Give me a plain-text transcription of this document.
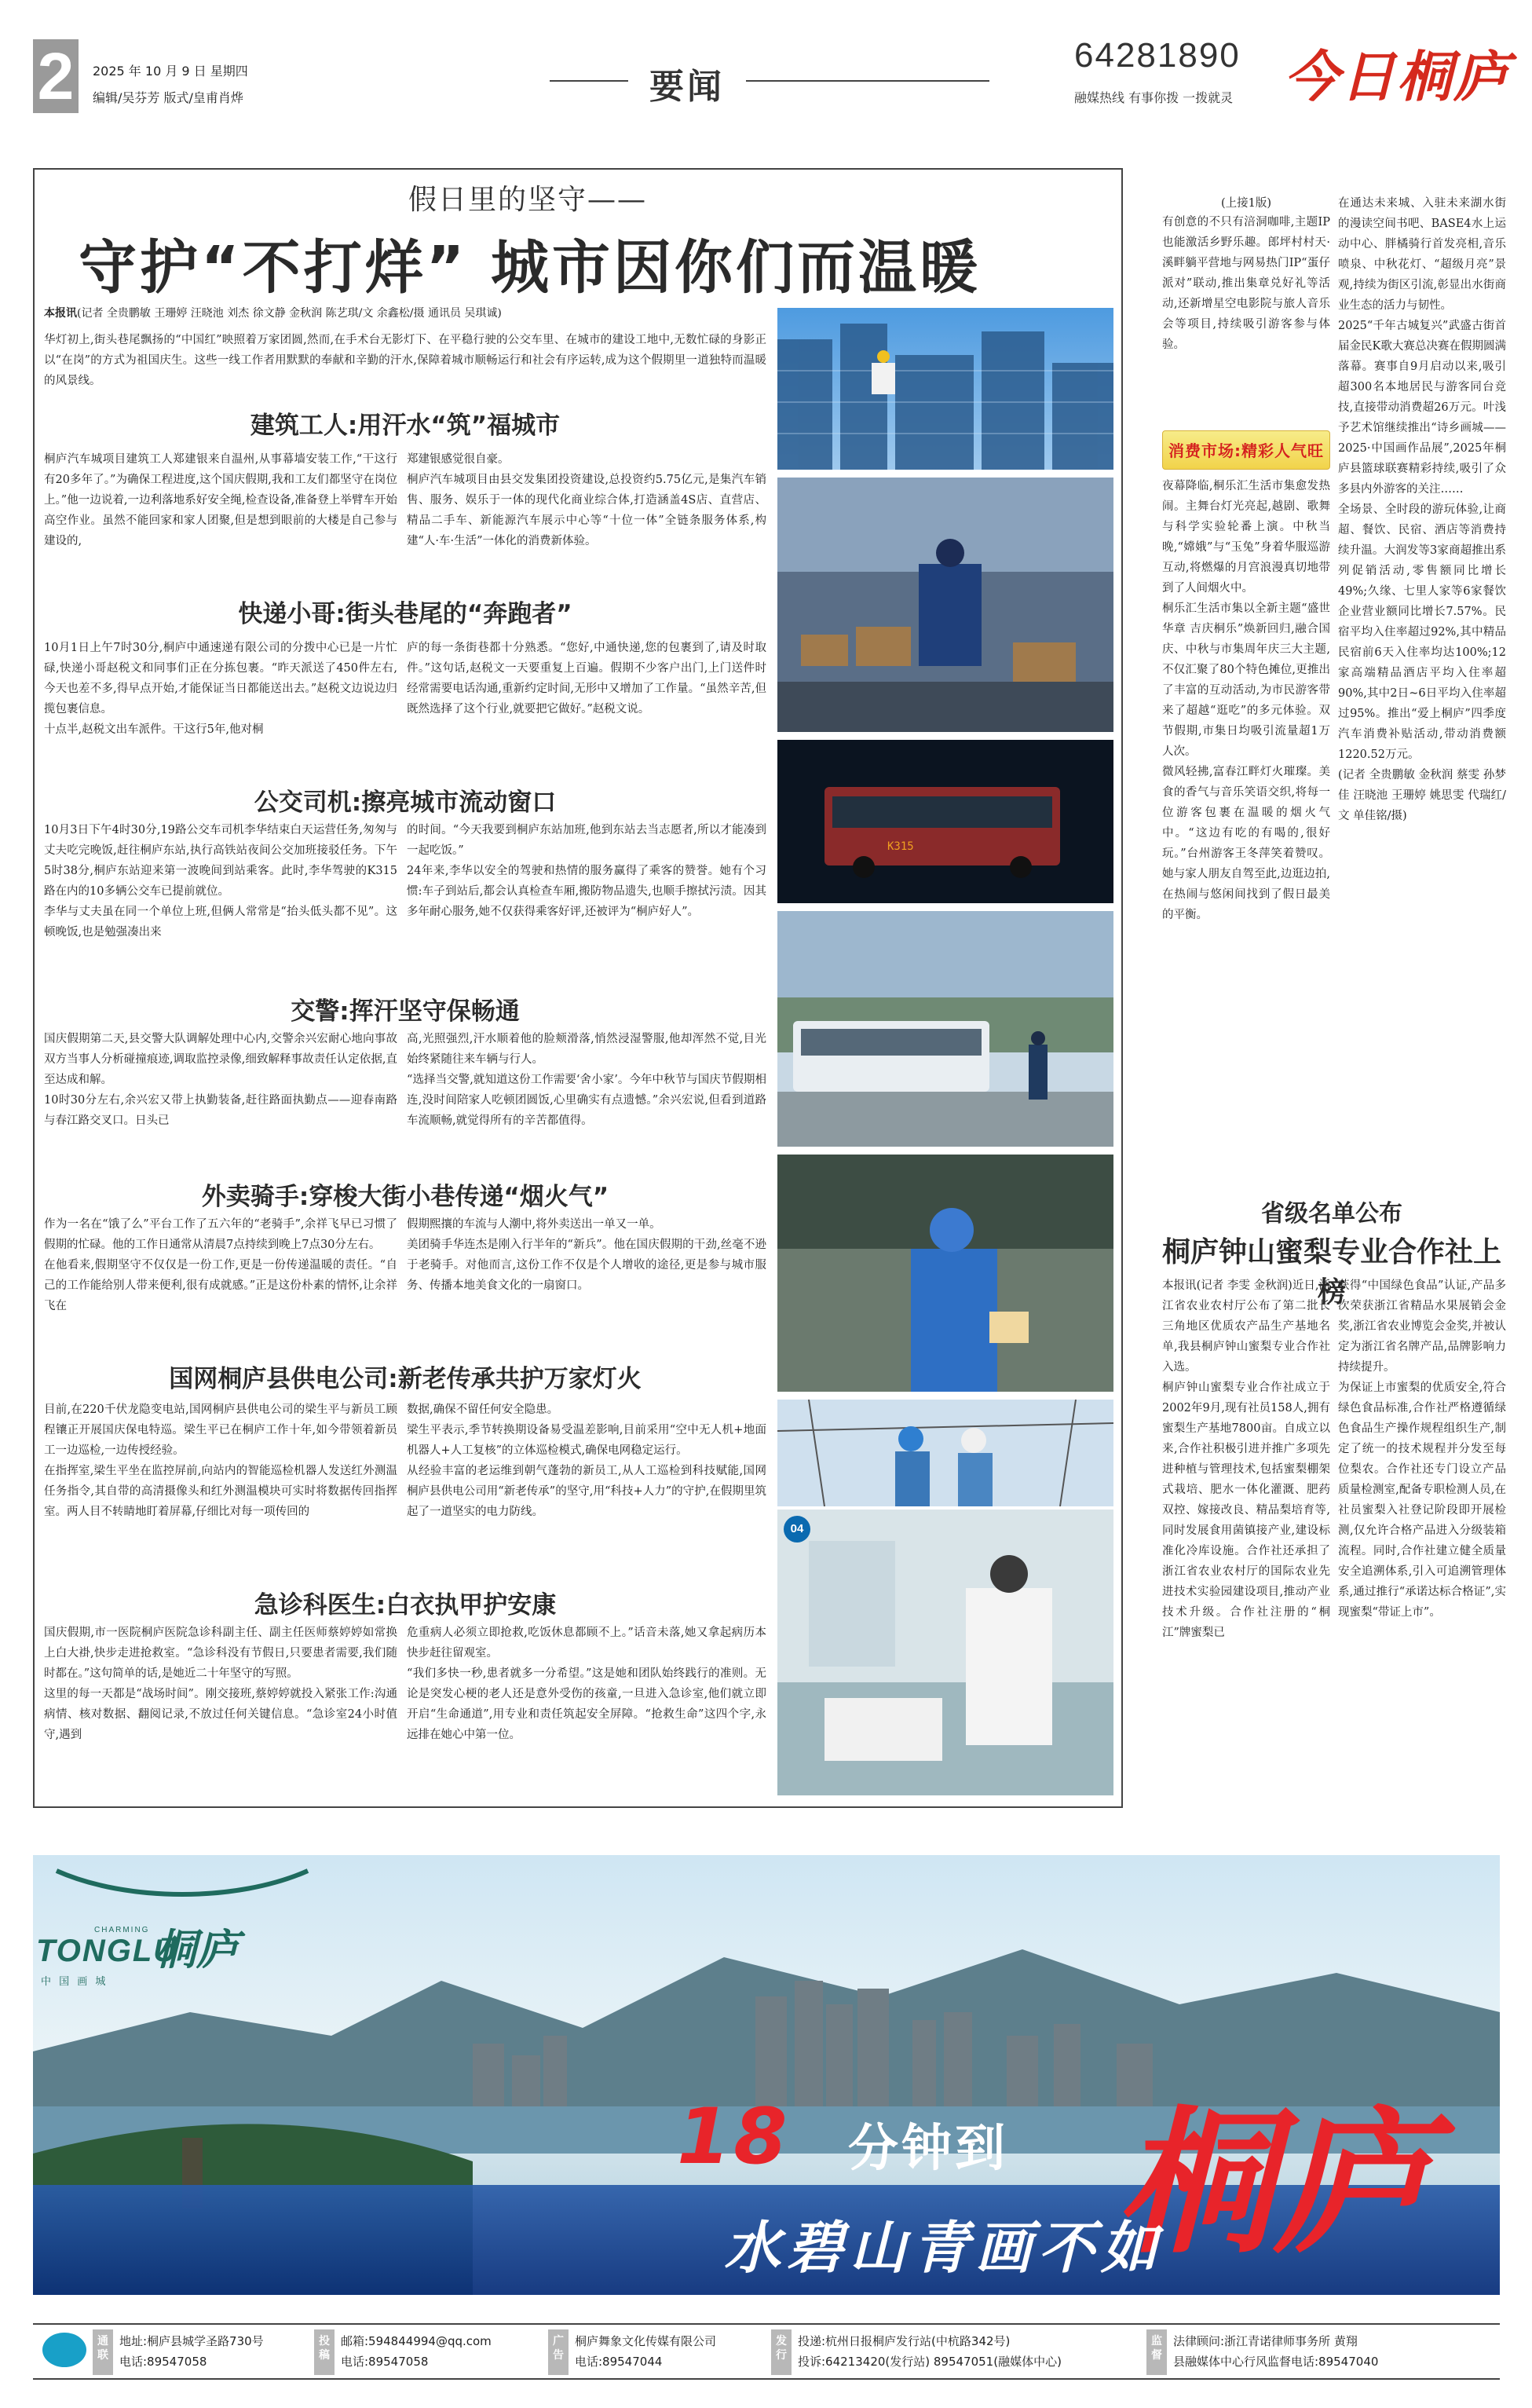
2	2025 年 10 月 9 日 星期四
编辑/吴芬芳 版式/皇甫肖烨	要闻
64281890
融媒热线 有事你拨 一拨就灵 今日桐庐
假日里的坚守——
守护“不打烊” 城市因你们而温暖
本报讯(记者 全贵鹏敏 王珊婷 汪晓池 刘杰 徐文静 金秋润 陈艺琪/文 余鑫松/摄 通讯员 吴琪诚)
华灯初上,街头巷尾飘扬的“中国红”映照着万家团圆,然而,在手术台无影灯下、在平稳行驶的公交车里、在城市的建设工地中,无数忙碌的身影正以“在岗”的方式为祖国庆生。这些一线工作者用默默的奉献和辛勤的汗水,保障着城市顺畅运行和社会有序运转,成为这个假期里一道独特而温暖的风景线。
建筑工人:用汗水“筑”福城市
桐庐汽车城项目建筑工人郑建银来自温州,从事幕墙安装工作,“干这行有20多年了。”为确保工程进度,这个国庆假期,我和工友们都坚守在岗位上。”他一边说着,一边利落地系好安全绳,检查设备,准备登上举臂车开始高空作业。虽然不能回家和家人团聚,但是想到眼前的大楼是自己参与建设的,
郑建银感觉很自豪。
桐庐汽车城项目由县交发集团投资建设,总投资约5.75亿元,是集汽车销售、服务、娱乐于一体的现代化商业综合体,打造涵盖4S店、直营店、精品二手车、新能源汽车展示中心等“十位一体”全链条服务体系,构建“人·车·生活”一体化的消费新体验。
快递小哥:街头巷尾的“奔跑者”
10月1日上午7时30分,桐庐中通速递有限公司的分拨中心已是一片忙碌,快递小哥赵税文和同事们正在分拣包裹。“昨天派送了450件左右,今天也差不多,得早点开始,才能保证当日都能送出去。”赵税文边说边归揽包裹信息。
十点半,赵税文出车派件。干这行5年,他对桐
庐的每一条街巷都十分熟悉。“您好,中通快递,您的包裹到了,请及时取件。”这句话,赵税文一天要重复上百遍。假期不少客户出门,上门送件时经常需要电话沟通,重新约定时间,无形中又增加了工作量。“虽然辛苦,但既然选择了这个行业,就要把它做好。”赵税文说。
公交司机:擦亮城市流动窗口
10月3日下午4时30分,19路公交车司机李华结束白天运营任务,匆匆与丈夫吃完晚饭,赶往桐庐东站,执行高铁站夜间公交加班接驳任务。下午5时38分,桐庐东站迎来第一波晚间到站乘客。此时,李华驾驶的K315路在内的10多辆公交车已提前就位。
李华与丈夫虽在同一个单位上班,但俩人常常是“抬头低头都不见”。这顿晚饭,也是勉强凑出来
的时间。“今天我要到桐庐东站加班,他到东站去当志愿者,所以才能凑到一起吃饭。”
24年来,李华以安全的驾驶和热情的服务赢得了乘客的赞誉。她有个习惯:车子到站后,都会认真检查车厢,搬防物品遗失,也顺手擦拭污渍。因其多年耐心服务,她不仅获得乘客好评,还被评为“桐庐好人”。
交警:挥汗坚守保畅通
国庆假期第二天,县交警大队调解处理中心内,交警余兴宏耐心地向事故双方当事人分析碰撞痕迹,调取监控录像,细致解释事故责任认定依据,直至达成和解。
10时30分左右,余兴宏又带上执勤装备,赶往路面执勤点——迎春南路与春江路交叉口。日头已
高,光照强烈,汗水顺着他的脸颊滑落,悄然浸湿警服,他却浑然不觉,目光始终紧随往来车辆与行人。
“选择当交警,就知道这份工作需要‘舍小家’。今年中秋节与国庆节假期相连,没时间陪家人吃顿团圆饭,心里确实有点遗憾。”余兴宏说,但看到道路车流顺畅,就觉得所有的辛苦都值得。
外卖骑手:穿梭大街小巷传递“烟火气”
作为一名在“饿了么”平台工作了五六年的“老骑手”,余祥飞早已习惯了假期的忙碌。他的工作日通常从清晨7点持续到晚上7点30分左右。
在他看来,假期坚守不仅仅是一份工作,更是一份传递温暖的责任。“自己的工作能给别人带来便利,很有成就感。”正是这份朴素的情怀,让余祥飞在
假期熙攘的车流与人潮中,将外卖送出一单又一单。
美团骑手华连杰是刚入行半年的“新兵”。他在国庆假期的干劲,丝毫不逊于老骑手。对他而言,这份工作不仅是个人增收的途径,更是参与城市服务、传播本地美食文化的一扇窗口。
国网桐庐县供电公司:新老传承共护万家灯火
目前,在220千伏龙隐变电站,国网桐庐县供电公司的梁生平与新员工顾程镶正开展国庆保电特巡。梁生平已在桐庐工作十年,如今带领着新员工一边巡检,一边传授经验。
在指挥室,梁生平坐在监控屏前,向站内的智能巡检机器人发送红外测温任务指令,其自带的高清摄像头和红外测温模块可实时将数据传回指挥室。两人目不转睛地盯着屏幕,仔细比对每一项传回的
数据,确保不留任何安全隐患。
梁生平表示,季节转换期设备易受温差影响,目前采用“空中无人机+地面机器人+人工复核”的立体巡检模式,确保电网稳定运行。
从经验丰富的老运维到朝气蓬勃的新员工,从人工巡检到科技赋能,国网桐庐县供电公司用“新老传承”的坚守,用“科技+人力”的守护,在假期里筑起了一道坚实的电力防线。
急诊科医生:白衣执甲护安康
国庆假期,市一医院桐庐医院急诊科副主任、副主任医师蔡婷婷如常换上白大褂,快步走进抢救室。“急诊科没有节假日,只要患者需要,我们随时都在。”这句简单的话,是她近二十年坚守的写照。
这里的每一天都是“战场时间”。刚交接班,蔡婷婷就投入紧张工作:沟通病情、核对数据、翻阅记录,不放过任何关键信息。“急诊室24小时值守,遇到
危重病人必须立即抢救,吃饭休息都顾不上。”话音未落,她又拿起病历本快步赶往留观室。
“我们多快一秒,患者就多一分希望。”这是她和团队始终践行的准则。无论是突发心梗的老人还是意外受伤的孩童,一旦进入急诊室,他们就立即开启“生命通道”,用专业和责任筑起安全屏障。“抢救生命”这四个字,永远排在她心中第一位。
K315
04
(上接1版)
有创意的不只有涪洞咖啡,主题IP也能激活乡野乐趣。郎坪村村天·溪畔躺平营地与网易热门IP“蛋仔派对”联动,推出集章兑好礼等活动,还新增星空电影院与旅人音乐会等项目,持续吸引游客参与体验。
消费市场:精彩人气旺
夜幕降临,桐乐汇生活市集愈发热闹。主舞台灯光亮起,越剧、歌舞与科学实验轮番上演。中秋当晚,“嫦娥”与“玉兔”身着华服巡游互动,将燃爆的月宫浪漫真切地带到了人间烟火中。
桐乐汇生活市集以全新主题“盛世华章 吉庆桐乐”焕新回归,融合国庆、中秋与市集周年庆三大主题,不仅汇聚了80个特色摊位,更推出了丰富的互动活动,为市民游客带来了超越“逛吃”的多元体验。双节假期,市集日均吸引流量超1万人次。
微风轻拂,富春江畔灯火璀璨。美食的香气与音乐笑语交织,将每一位游客包裹在温暖的烟火气中。“这边有吃的有喝的,很好玩。”台州游客王冬萍笑着赞叹。她与家人朋友自驾至此,边逛边拍,在热闹与悠闲间找到了假日最美的平衡。
在通达未来城、入驻未来湖水街的漫读空间书吧、BASE4水上运动中心、胖橘骑行首发亮相,音乐喷泉、中秋花灯、“超级月亮”景观,持续为街区引流,彰显出水街商业生态的活力与韧性。
2025“千年古城复兴”武盛古街首届金民K歌大赛总决赛在假期圆满落幕。赛事自9月启动以来,吸引超300名本地居民与游客同台竞技,直接带动消费超26万元。叶浅予艺术馆继续推出“诗乡画城——2025·中国画作品展”,2025年桐庐县篮球联赛精彩持续,吸引了众多县内外游客的关注……
全场景、全时段的游玩体验,让商超、餐饮、民宿、酒店等消费持续升温。大润发等3家商超推出系列促销活动,零售额同比增长49%;久缘、七里人家等6家餐饮企业营业额同比增长7.57%。民宿平均入住率超过92%,其中精品民宿前6天入住率均达100%;12家高端精品酒店平均入住率超90%,其中2日~6日平均入住率超过95%。推出“爱上桐庐”四季度汽车消费补贴活动,带动消费额1220.52万元。
(记者 全贵鹏敏 金秋润 蔡雯 孙梦佳 汪晓池 王珊婷 姚思雯 代瑞红/文 单佳铭/摄)
省级名单公布
桐庐钟山蜜梨专业合作社上榜
本报讯(记者 李雯 金秋润)近日,浙江省农业农村厅公布了第二批长三角地区优质农产品生产基地名单,我县桐庐钟山蜜梨专业合作社入选。
桐庐钟山蜜梨专业合作社成立于2002年9月,现有社员158人,拥有蜜梨生产基地7800亩。自成立以来,合作社积极引进并推广多项先进种植与管理技术,包括蜜梨棚架式栽培、肥水一体化灌溉、肥药双控、嫁接改良、精品梨培育等,同时发展食用菌镇接产业,建设标准化冷库设施。合作社还承担了浙江省农业农村厅的国际农业先进技术实验园建设项目,推动产业技术升级。合作社注册的“桐江”牌蜜梨已
获得“中国绿色食品”认证,产品多次荣获浙江省精品水果展销会金奖,浙江省农业博览会金奖,并被认定为浙江省名牌产品,品牌影响力持续提升。
为保证上市蜜梨的优质安全,符合绿色食品标准,合作社严格遵循绿色食品生产操作规程组织生产,制定了统一的技术规程并分发至每位梨农。合作社还专门设立产品质量检测室,配备专职检测人员,在社员蜜梨入社登记阶段即开展检测,仅允许合格产品进入分级装箱流程。同时,合作社建立健全质量安全追溯体系,引入可追溯管理体系,通过推行“承诺达标合格证”,实现蜜梨“带证上市”。
CHARMING
TONGLU
桐庐
中 国 画 城
18 分钟到 桐庐
水碧山青画不如
通联
地址:桐庐县城学圣路730号
电话:89547058
投稿
邮箱:594844994@qq.com
电话:89547058
广告
桐庐舞象文化传媒有限公司
电话:89547044
发行
投递:杭州日报桐庐发行站(中杭路342号)
投诉:64213420(发行站) 89547051(融媒体中心)
监督
法律顾问:浙江青诺律师事务所 黄翔
县融媒体中心行风监督电话:89547040
